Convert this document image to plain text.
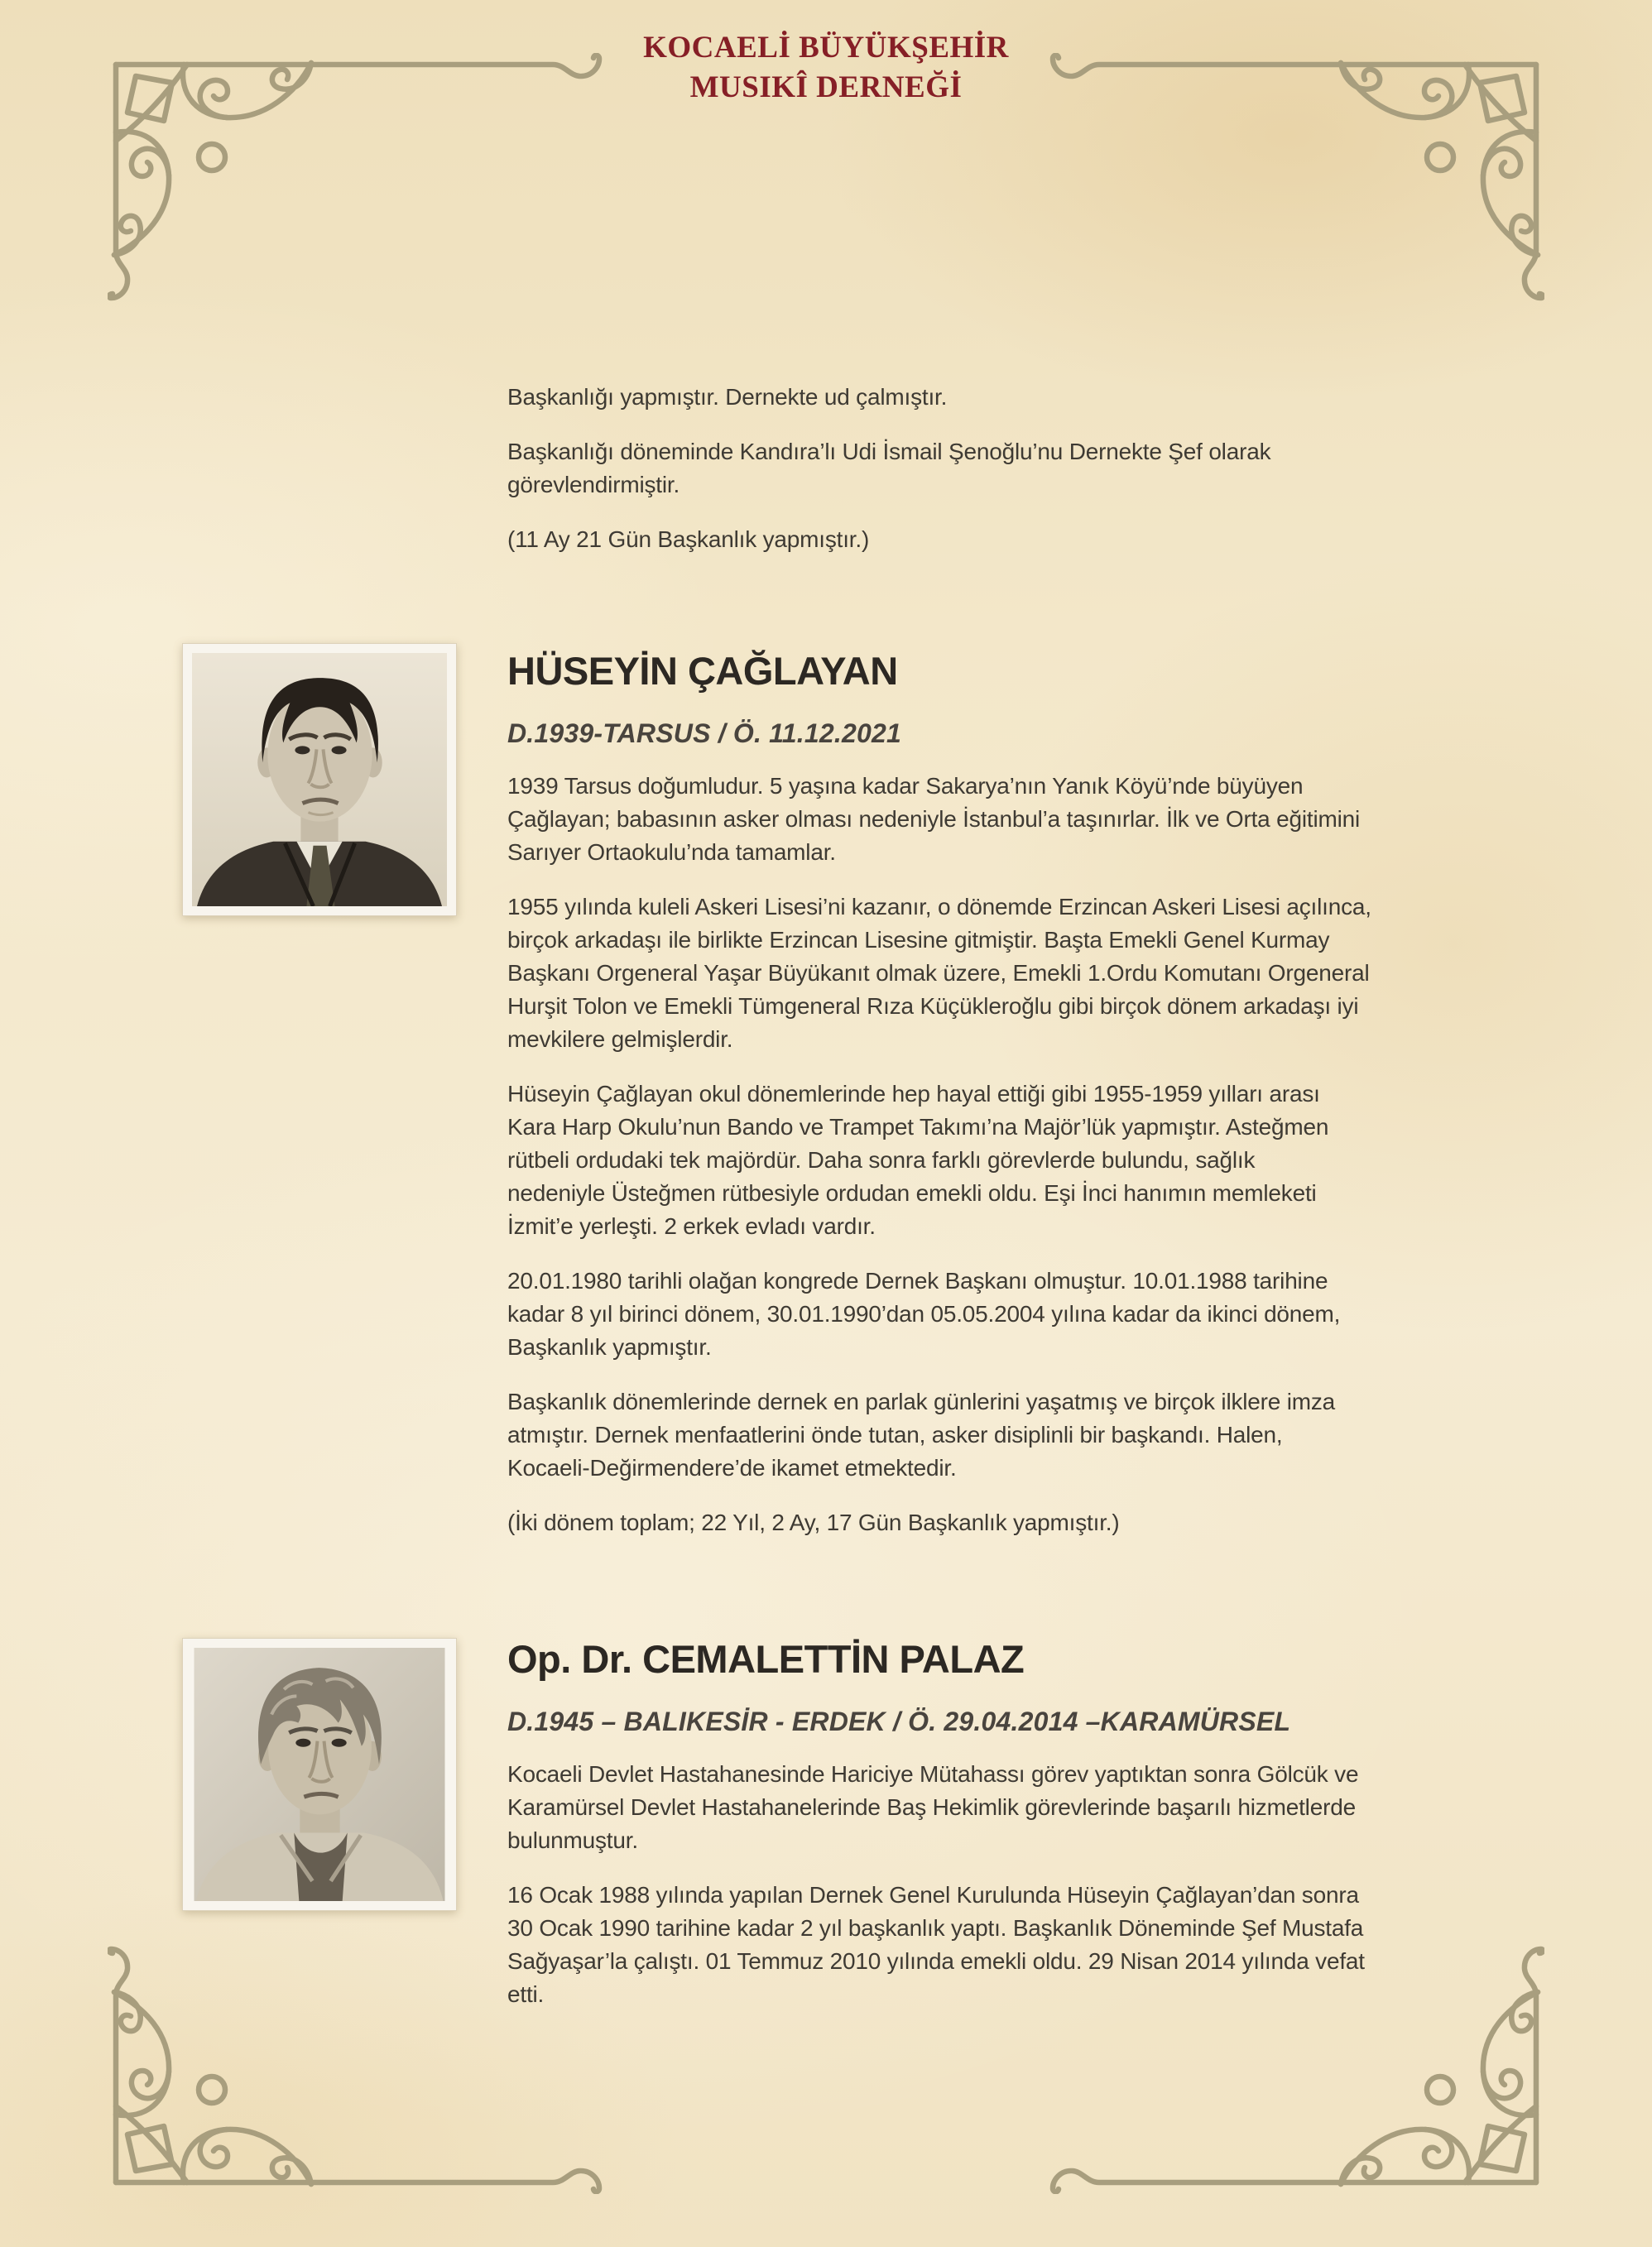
KOCAELİ BÜYÜKŞEHİR
MUSIKÎ DERNEĞİ

Başkanlığı yapmıştır. Dernekte ud çalmıştır.

Başkanlığı döneminde Kandıra’lı Udi İsmail Şenoğlu’nu Dernekte Şef olarak
görevlendirmiştir.

(11 Ay 21 Gün Başkanlık yapmıştır.)

HÜSEYİN ÇAĞLAYAN
D.1939-TARSUS / Ö. 11.12.2021

1939 Tarsus doğumludur. 5 yaşına kadar Sakarya’nın Yanık Köyü’nde büyüyen
Çağlayan; babasının asker olması nedeniyle İstanbul’a taşınırlar. İlk ve Orta eğitimini
Sarıyer Ortaokulu’nda tamamlar.

1955 yılında kuleli Askeri Lisesi’ni kazanır, o dönemde Erzincan Askeri Lisesi açılınca,
birçok arkadaşı ile birlikte Erzincan Lisesine gitmiştir. Başta Emekli Genel Kurmay
Başkanı Orgeneral Yaşar Büyükanıt olmak üzere, Emekli 1.Ordu Komutanı Orgeneral
Hurşit Tolon ve Emekli Tümgeneral Rıza Küçükleroğlu gibi birçok dönem arkadaşı iyi
mevkilere gelmişlerdir.

Hüseyin Çağlayan okul dönemlerinde hep hayal ettiği gibi 1955-1959 yılları arası
Kara Harp Okulu’nun Bando ve Trampet Takımı’na Majör’lük yapmıştır. Asteğmen
rütbeli ordudaki tek majördür. Daha sonra farklı görevlerde bulundu, sağlık
nedeniyle Üsteğmen rütbesiyle ordudan emekli oldu. Eşi İnci hanımın memleketi
İzmit’e yerleşti. 2 erkek evladı vardır.

20.01.1980 tarihli olağan kongrede Dernek Başkanı olmuştur. 10.01.1988 tarihine
kadar 8 yıl birinci dönem, 30.01.1990’dan 05.05.2004 yılına kadar da ikinci dönem,
Başkanlık yapmıştır.

Başkanlık dönemlerinde dernek en parlak günlerini yaşatmış ve birçok ilklere imza
atmıştır. Dernek menfaatlerini önde tutan, asker disiplinli bir başkandı. Halen,
Kocaeli-Değirmendere’de ikamet etmektedir.

(İki dönem toplam; 22 Yıl, 2 Ay, 17 Gün Başkanlık yapmıştır.)

Op. Dr. CEMALETTİN PALAZ
D.1945 – BALIKESİR - ERDEK / Ö. 29.04.2014 –KARAMÜRSEL

Kocaeli Devlet Hastahanesinde Hariciye Mütahassı görev yaptıktan sonra Gölcük ve
Karamürsel Devlet Hastahanelerinde Baş Hekimlik görevlerinde başarılı hizmetlerde
bulunmuştur.

16 Ocak 1988 yılında yapılan Dernek Genel Kurulunda Hüseyin Çağlayan’dan sonra
30 Ocak 1990 tarihine kadar 2 yıl başkanlık yaptı. Başkanlık Döneminde Şef Mustafa
Sağyaşar’la çalıştı. 01 Temmuz 2010 yılında emekli oldu. 29 Nisan 2014 yılında vefat
etti.
